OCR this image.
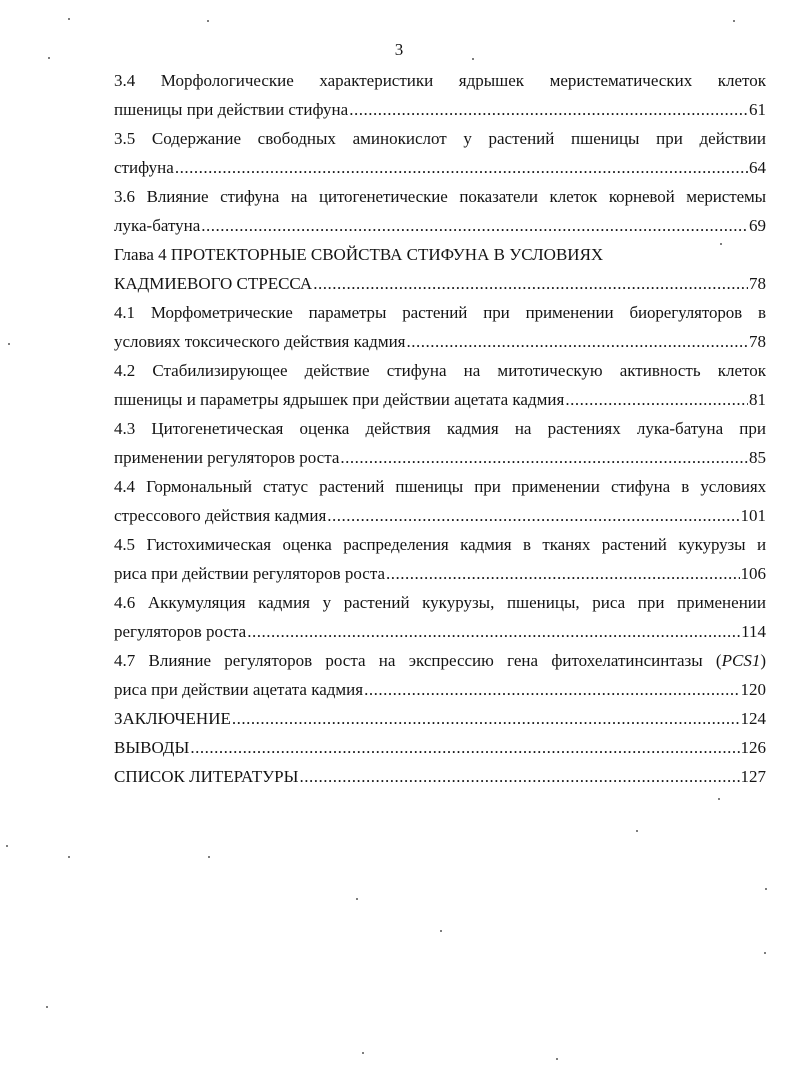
3
3.4 Морфологические характеристики ядрышек меристематических клеток
пшеницы при действии стифуна .....	61
3.5 Содержание свободных аминокислот у растений пшеницы при действии
стифуна .....	64
3.6 Влияние стифуна на цитогенетические показатели клеток корневой меристемы
лука-батуна .....	69
Глава 4 ПРОТЕКТОРНЫЕ СВОЙСТВА СТИФУНА В УСЛОВИЯХ
КАДМИЕВОГО СТРЕССА .....	78
4.1 Морфометрические параметры растений при применении биорегуляторов в
условиях токсического действия кадмия .....	78
4.2 Стабилизирующее действие стифуна на митотическую активность клеток
пшеницы и параметры ядрышек при действии ацетата кадмия .....	81
4.3 Цитогенетическая оценка действия кадмия на растениях лука-батуна при
применении регуляторов роста .....	85
4.4 Гормональный статус растений пшеницы при применении стифуна в условиях
стрессового действия кадмия .....	101
4.5 Гистохимическая оценка распределения кадмия в тканях растений кукурузы и
риса при действии регуляторов роста .....	106
4.6 Аккумуляция кадмия у растений кукурузы, пшеницы, риса при применении
регуляторов роста .....	114
4.7 Влияние регуляторов роста на экспрессию гена фитохелатинсинтазы (PCS1)
риса при действии ацетата кадмия .....	120
ЗАКЛЮЧЕНИЕ .....	124
ВЫВОДЫ .....	126
СПИСОК ЛИТЕРАТУРЫ .....	127
